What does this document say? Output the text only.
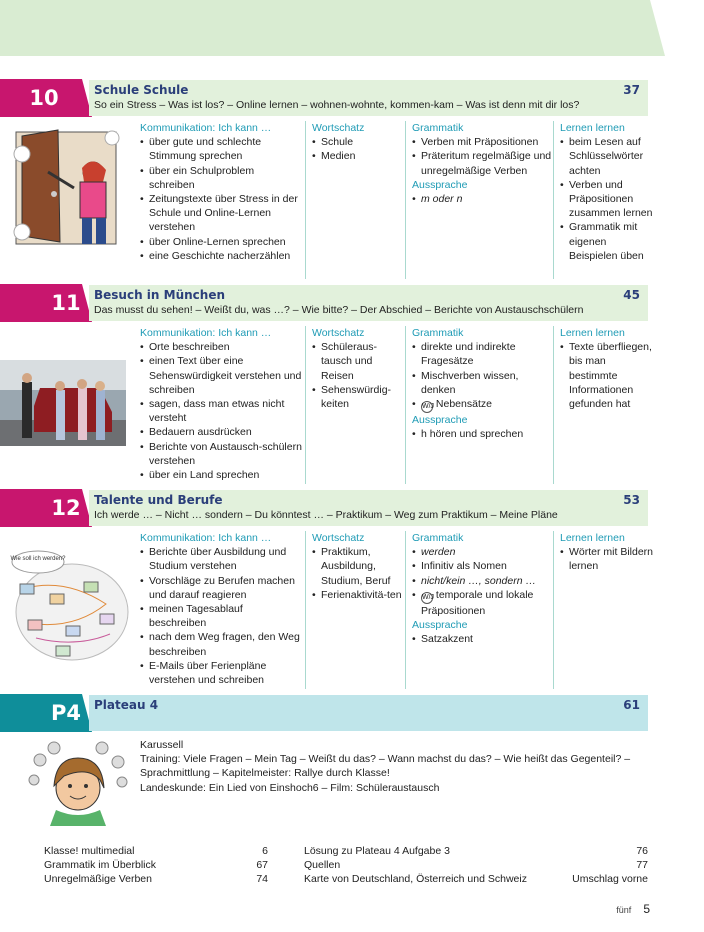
10	Schule Schule	37
So ein Stress – Was ist los? – Online lernen – wohnen-wohnte, kommen-kam – Was ist denn mit dir los?
Kommunikation: Ich kann …
• über gute und schlechte Stimmung sprechen
• über ein Schulproblem schreiben
• Zeitungstexte über Stress in der Schule und Online-Lernen verstehen
• über Online-Lernen sprechen
• eine Geschichte nacherzählen
Wortschatz
• Schule
• Medien
Grammatik
• Verben mit Präpositionen
• Präteritum regelmäßige und unregelmäßige Verben
Aussprache
• m oder n
Lernen lernen
• beim Lesen auf Schlüsselwörter achten
• Verben und Präpositionen zusammen lernen
• Grammatik mit eigenen Beispielen üben
11	Besuch in München	45
Das musst du sehen! – Weißt du, was …? – Wie bitte? – Der Abschied – Berichte von Austauschschülern
Kommunikation: Ich kann …
• Orte beschreiben
• einen Text über eine Sehenswürdigkeit verstehen und schreiben
• sagen, dass man etwas nicht versteht
• Bedauern ausdrücken
• Berichte von Austausch-schülern verstehen
• über ein Land sprechen
Wortschatz
• Schüleraus-tausch und Reisen
• Sehenswürdig-keiten
Grammatik
• direkte und indirekte Fragesätze
• Mischverben wissen, denken
• W/J Nebensätze
Aussprache
• h hören und sprechen
Lernen lernen
• Texte überfliegen, bis man bestimmte Informationen gefunden hat
12	Talente und Berufe	53
Ich werde … – Nicht … sondern – Du könntest … – Praktikum – Weg zum Praktikum – Meine Pläne
Wie soll ich werden?
Kommunikation: Ich kann …
• Berichte über Ausbildung und Studium verstehen
• Vorschläge zu Berufen machen und darauf reagieren
• meinen Tagesablauf beschreiben
• nach dem Weg fragen, den Weg beschreiben
• E-Mails über Ferienpläne verstehen und schreiben
Wortschatz
• Praktikum, Ausbildung, Studium, Beruf
• Ferienaktivitä-ten
Grammatik
• werden
• Infinitiv als Nomen
• nicht/kein …, sondern …
• W/J temporale und lokale Präpositionen
Aussprache
• Satzakzent
Lernen lernen
• Wörter mit Bildern lernen
P4	Plateau 4	61
Karussell
Training: Viele Fragen – Mein Tag – Weißt du das? – Wann machst du das? – Wie heißt das Gegenteil? –
Sprachmittlung – Kapitelmeister: Rallye durch Klasse!
Landeskunde: Ein Lied von Einshoch6 – Film: Schüleraustausch
Klasse! multimedial	6
Grammatik im Überblick	67
Unregelmäßige Verben	74
Lösung zu Plateau 4 Aufgabe 3	76
Quellen	77
Karte von Deutschland, Österreich und Schweiz	Umschlag vorne
fünf 5
